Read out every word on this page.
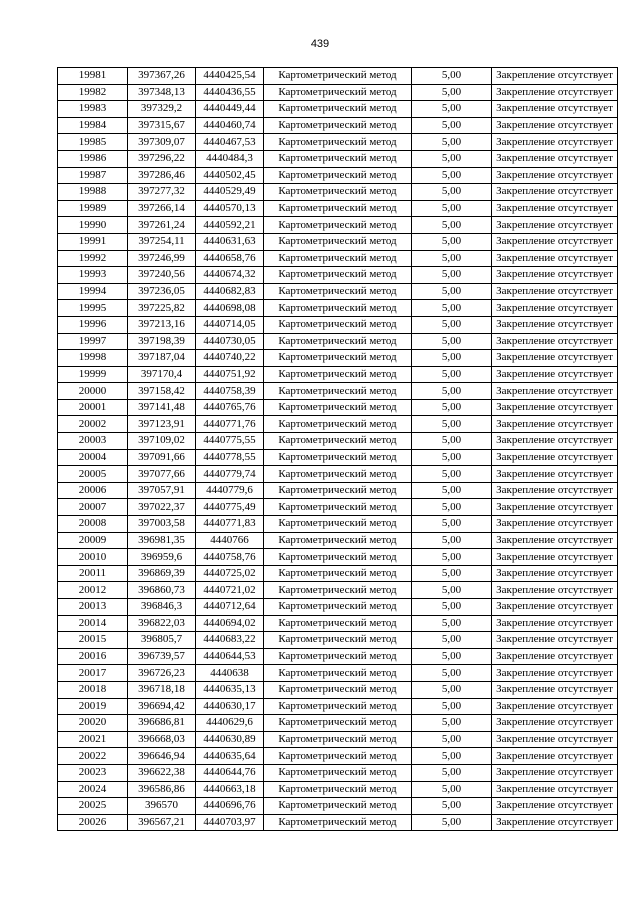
439
19981	397367,26	4440425,54	Картометрический метод	5,00	Закрепление отсутствует
19982	397348,13	4440436,55	Картометрический метод	5,00	Закрепление отсутствует
19983	397329,2	4440449,44	Картометрический метод	5,00	Закрепление отсутствует
19984	397315,67	4440460,74	Картометрический метод	5,00	Закрепление отсутствует
19985	397309,07	4440467,53	Картометрический метод	5,00	Закрепление отсутствует
19986	397296,22	4440484,3	Картометрический метод	5,00	Закрепление отсутствует
19987	397286,46	4440502,45	Картометрический метод	5,00	Закрепление отсутствует
19988	397277,32	4440529,49	Картометрический метод	5,00	Закрепление отсутствует
19989	397266,14	4440570,13	Картометрический метод	5,00	Закрепление отсутствует
19990	397261,24	4440592,21	Картометрический метод	5,00	Закрепление отсутствует
19991	397254,11	4440631,63	Картометрический метод	5,00	Закрепление отсутствует
19992	397246,99	4440658,76	Картометрический метод	5,00	Закрепление отсутствует
19993	397240,56	4440674,32	Картометрический метод	5,00	Закрепление отсутствует
19994	397236,05	4440682,83	Картометрический метод	5,00	Закрепление отсутствует
19995	397225,82	4440698,08	Картометрический метод	5,00	Закрепление отсутствует
19996	397213,16	4440714,05	Картометрический метод	5,00	Закрепление отсутствует
19997	397198,39	4440730,05	Картометрический метод	5,00	Закрепление отсутствует
19998	397187,04	4440740,22	Картометрический метод	5,00	Закрепление отсутствует
19999	397170,4	4440751,92	Картометрический метод	5,00	Закрепление отсутствует
20000	397158,42	4440758,39	Картометрический метод	5,00	Закрепление отсутствует
20001	397141,48	4440765,76	Картометрический метод	5,00	Закрепление отсутствует
20002	397123,91	4440771,76	Картометрический метод	5,00	Закрепление отсутствует
20003	397109,02	4440775,55	Картометрический метод	5,00	Закрепление отсутствует
20004	397091,66	4440778,55	Картометрический метод	5,00	Закрепление отсутствует
20005	397077,66	4440779,74	Картометрический метод	5,00	Закрепление отсутствует
20006	397057,91	4440779,6	Картометрический метод	5,00	Закрепление отсутствует
20007	397022,37	4440775,49	Картометрический метод	5,00	Закрепление отсутствует
20008	397003,58	4440771,83	Картометрический метод	5,00	Закрепление отсутствует
20009	396981,35	4440766	Картометрический метод	5,00	Закрепление отсутствует
20010	396959,6	4440758,76	Картометрический метод	5,00	Закрепление отсутствует
20011	396869,39	4440725,02	Картометрический метод	5,00	Закрепление отсутствует
20012	396860,73	4440721,02	Картометрический метод	5,00	Закрепление отсутствует
20013	396846,3	4440712,64	Картометрический метод	5,00	Закрепление отсутствует
20014	396822,03	4440694,02	Картометрический метод	5,00	Закрепление отсутствует
20015	396805,7	4440683,22	Картометрический метод	5,00	Закрепление отсутствует
20016	396739,57	4440644,53	Картометрический метод	5,00	Закрепление отсутствует
20017	396726,23	4440638	Картометрический метод	5,00	Закрепление отсутствует
20018	396718,18	4440635,13	Картометрический метод	5,00	Закрепление отсутствует
20019	396694,42	4440630,17	Картометрический метод	5,00	Закрепление отсутствует
20020	396686,81	4440629,6	Картометрический метод	5,00	Закрепление отсутствует
20021	396668,03	4440630,89	Картометрический метод	5,00	Закрепление отсутствует
20022	396646,94	4440635,64	Картометрический метод	5,00	Закрепление отсутствует
20023	396622,38	4440644,76	Картометрический метод	5,00	Закрепление отсутствует
20024	396586,86	4440663,18	Картометрический метод	5,00	Закрепление отсутствует
20025	396570	4440696,76	Картометрический метод	5,00	Закрепление отсутствует
20026	396567,21	4440703,97	Картометрический метод	5,00	Закрепление отсутствует
